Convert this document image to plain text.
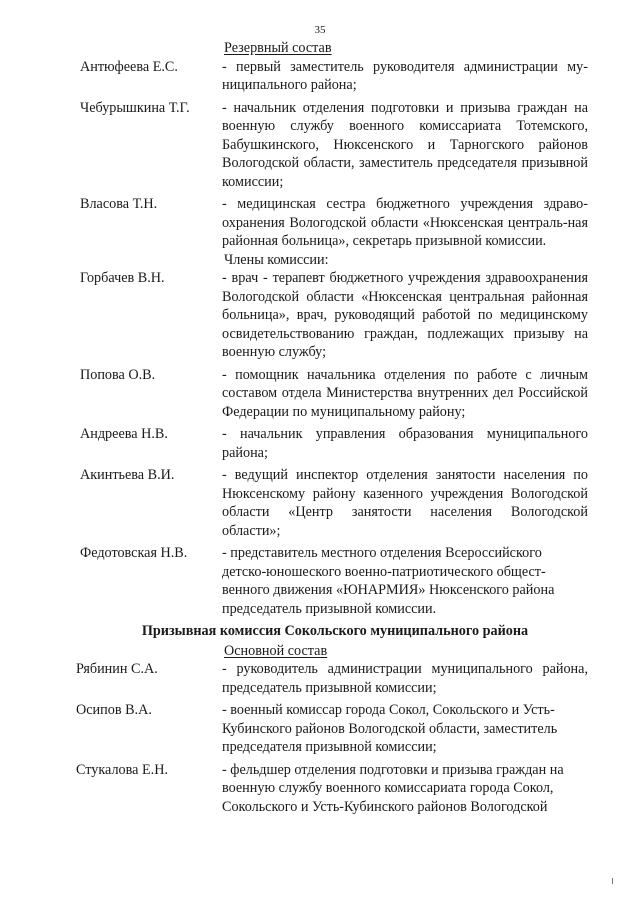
35
Резервный состав
Антюфеева Е.С.	- первый заместитель руководителя администрации муниципального района;
Чебурышкина Т.Г. - начальник отделения подготовки и призыва граждан на военную службу военного комиссариата Тотемского, Бабушкинского, Нюксенского и Тарногского районов Вологодской области, заместитель председателя призывной комиссии;
Власова Т.Н.	- медицинская сестра бюджетного учреждения здравоохранения Вологодской области «Нюксенская централь-ная районная больница», секретарь призывной комиссии.
Члены комиссии:
Горбачев В.Н.	- врач - терапевт бюджетного учреждения здравоохранения Вологодской области «Нюксенская центральная районная больница», врач, руководящий работой по медицинскому освидетельствованию граждан, подлежащих призыву на военную службу;
Попова О.В.	- помощник начальника отделения по работе с личным составом отдела Министерства внутренних дел Российской Федерации по муниципальному району;
Андреева Н.В.	- начальник управления образования муниципального района;
Акинтьева В.И.	- ведущий инспектор отделения занятости населения по Нюксенскому району казенного учреждения Вологодской области «Центр занятости населения Вологодской области»;
Федотовская Н.В. - представитель местного отделения Всероссийского детско-юношеского военно-патриотического общественного движения «ЮНАРМИЯ» Нюксенского района председатель призывной комиссии.
Призывная комиссия Сокольского муниципального района
Основной состав
Рябинин С.А.	- руководитель администрации муниципального района, председатель призывной комиссии;
Осипов В.А.	- военный комиссар города Сокол, Сокольского и Усть-Кубинского районов Вологодской области, заместитель председателя призывной комиссии;
Стукалова Е.Н.	- фельдшер отделения подготовки и призыва граждан на военную службу военного комиссариата города Сокол, Сокольского и Усть-Кубинского районов Вологодской
